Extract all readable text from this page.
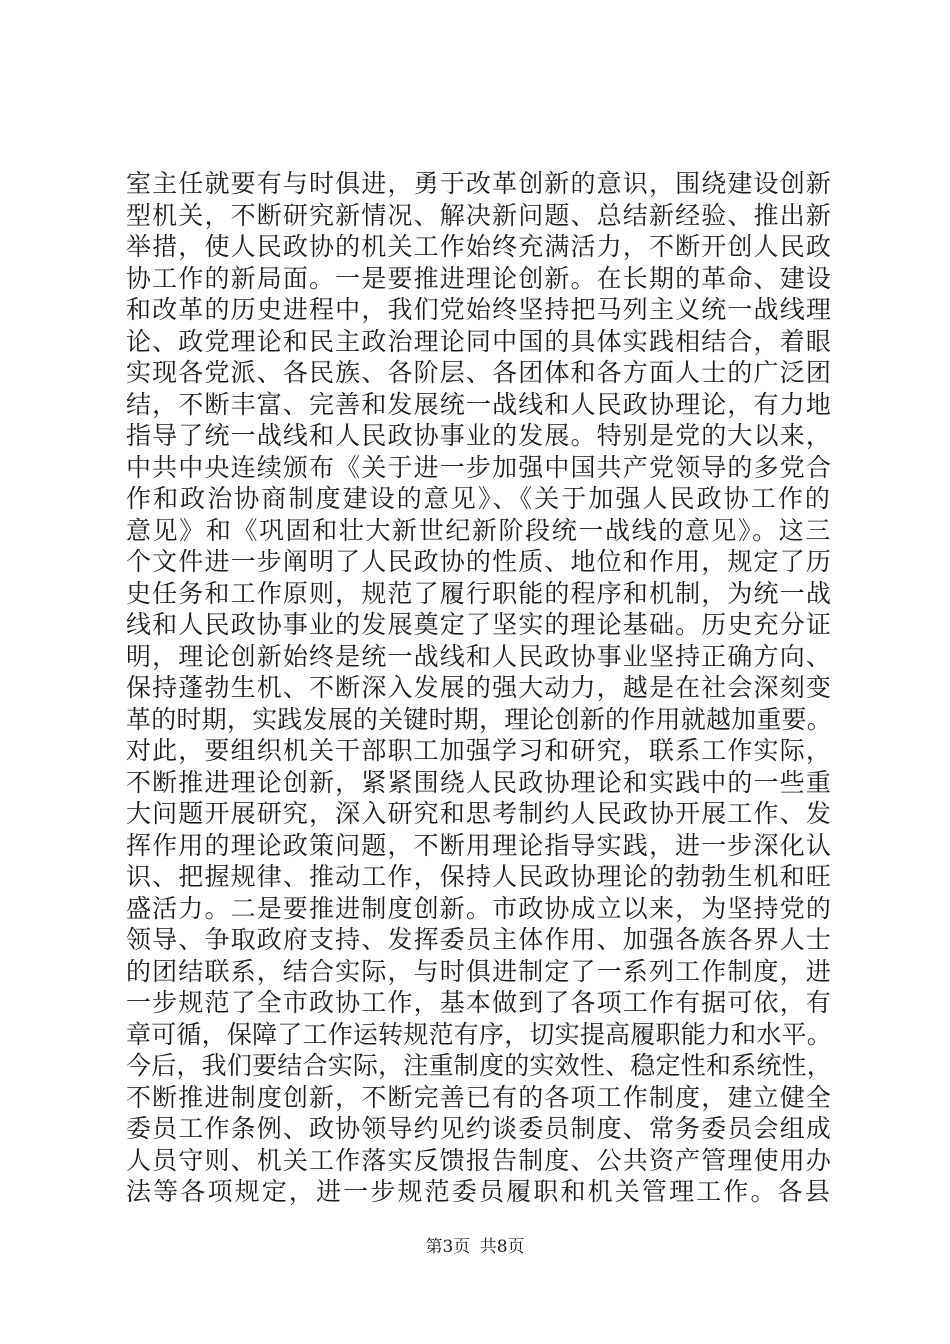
室主任就要有与时俱进，勇于改革创新的意识，围绕建设创新
型机关，不断研究新情况、解决新问题、总结新经验、推出新
举措，使人民政协的机关工作始终充满活力，不断开创人民政
协工作的新局面。一是要推进理论创新。在长期的革命、建设
和改革的历史进程中，我们党始终坚持把马列主义统一战线理
论、政党理论和民主政治理论同中国的具体实践相结合，着眼
实现各党派、各民族、各阶层、各团体和各方面人士的广泛团
结，不断丰富、完善和发展统一战线和人民政协理论，有力地
指导了统一战线和人民政协事业的发展。特别是党的大以来，
中共中央连续颁布《关于进一步加强中国共产党领导的多党合
作和政治协商制度建设的意见》、《关于加强人民政协工作的
意见》和《巩固和壮大新世纪新阶段统一战线的意见》。这三
个文件进一步阐明了人民政协的性质、地位和作用，规定了历
史任务和工作原则，规范了履行职能的程序和机制，为统一战
线和人民政协事业的发展奠定了坚实的理论基础。历史充分证
明，理论创新始终是统一战线和人民政协事业坚持正确方向、
保持蓬勃生机、不断深入发展的强大动力，越是在社会深刻变
革的时期，实践发展的关键时期，理论创新的作用就越加重要。
对此，要组织机关干部职工加强学习和研究，联系工作实际，
不断推进理论创新，紧紧围绕人民政协理论和实践中的一些重
大问题开展研究，深入研究和思考制约人民政协开展工作、发
挥作用的理论政策问题，不断用理论指导实践，进一步深化认
识、把握规律、推动工作，保持人民政协理论的勃勃生机和旺
盛活力。二是要推进制度创新。市政协成立以来，为坚持党的
领导、争取政府支持、发挥委员主体作用、加强各族各界人士
的团结联系，结合实际，与时俱进制定了一系列工作制度，进
一步规范了全市政协工作，基本做到了各项工作有据可依，有
章可循，保障了工作运转规范有序，切实提高履职能力和水平。
今后，我们要结合实际，注重制度的实效性、稳定性和系统性，
不断推进制度创新，不断完善已有的各项工作制度，建立健全
委员工作条例、政协领导约见约谈委员制度、常务委员会组成
人员守则、机关工作落实反馈报告制度、公共资产管理使用办
法等各项规定，进一步规范委员履职和机关管理工作。各县
第3页 共8页
